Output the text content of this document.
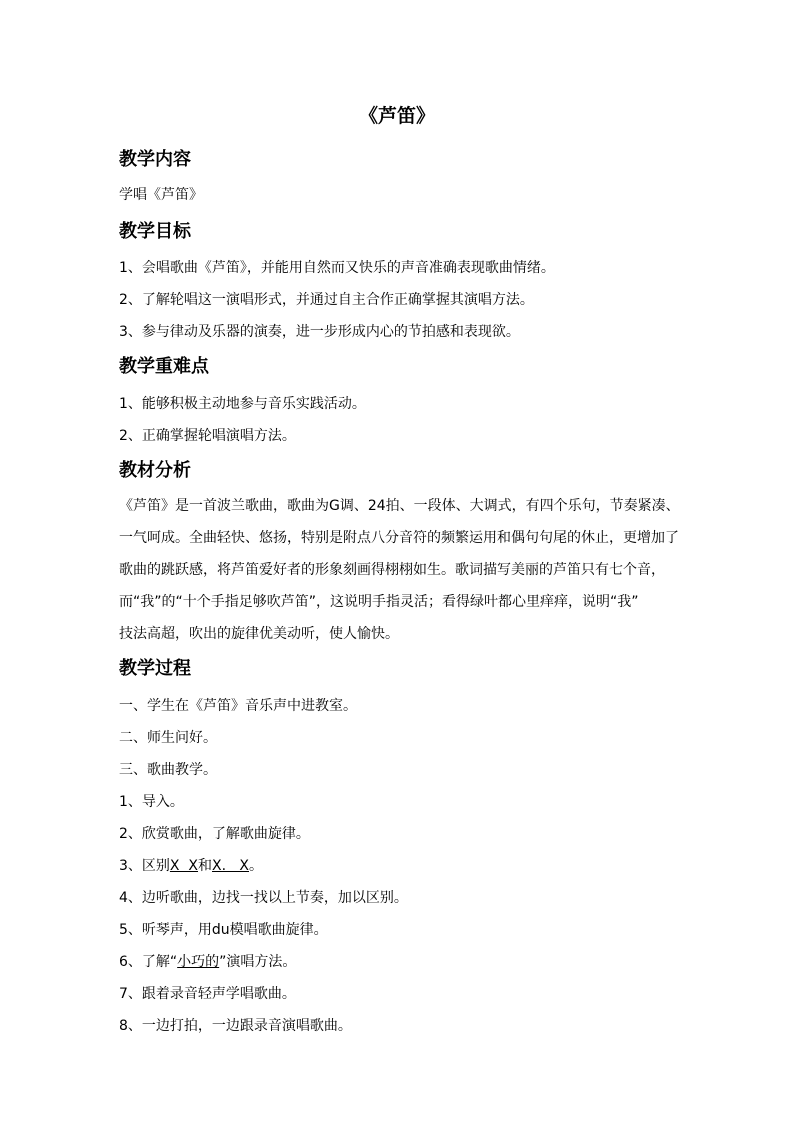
《芦笛》
教学内容
学唱《芦笛》
教学目标
1、会唱歌曲《芦笛》，并能用自然而又快乐的声音准确表现歌曲情绪。
2、了解轮唱这一演唱形式，并通过自主合作正确掌握其演唱方法。
3、参与律动及乐器的演奏，进一步形成内心的节拍感和表现欲。
教学重难点
1、能够积极主动地参与音乐实践活动。
2、正确掌握轮唱演唱方法。
教材分析
《芦笛》是一首波兰歌曲，歌曲为G调、24拍、一段体、大调式，有四个乐句，节奏紧凑、
一气呵成。全曲轻快、悠扬，特别是附点八分音符的频繁运用和偶句句尾的休止，更增加了
歌曲的跳跃感，将芦笛爱好者的形象刻画得栩栩如生。歌词描写美丽的芦笛只有七个音，
而“我”的“十个手指足够吹芦笛”，这说明手指灵活；看得绿叶都心里痒痒，说明“我”
技法高超，吹出的旋律优美动听，使人愉快。
教学过程
一、学生在《芦笛》音乐声中进教室。
二、师生问好。
三、歌曲教学。
1、导入。
2、欣赏歌曲，了解歌曲旋律。
3、区别X  X和X.   X。
4、边听歌曲，边找一找以上节奏，加以区别。
5、听琴声，用du模唱歌曲旋律。
6、了解“小巧的”演唱方法。
7、跟着录音轻声学唱歌曲。
8、一边打拍，一边跟录音演唱歌曲。
